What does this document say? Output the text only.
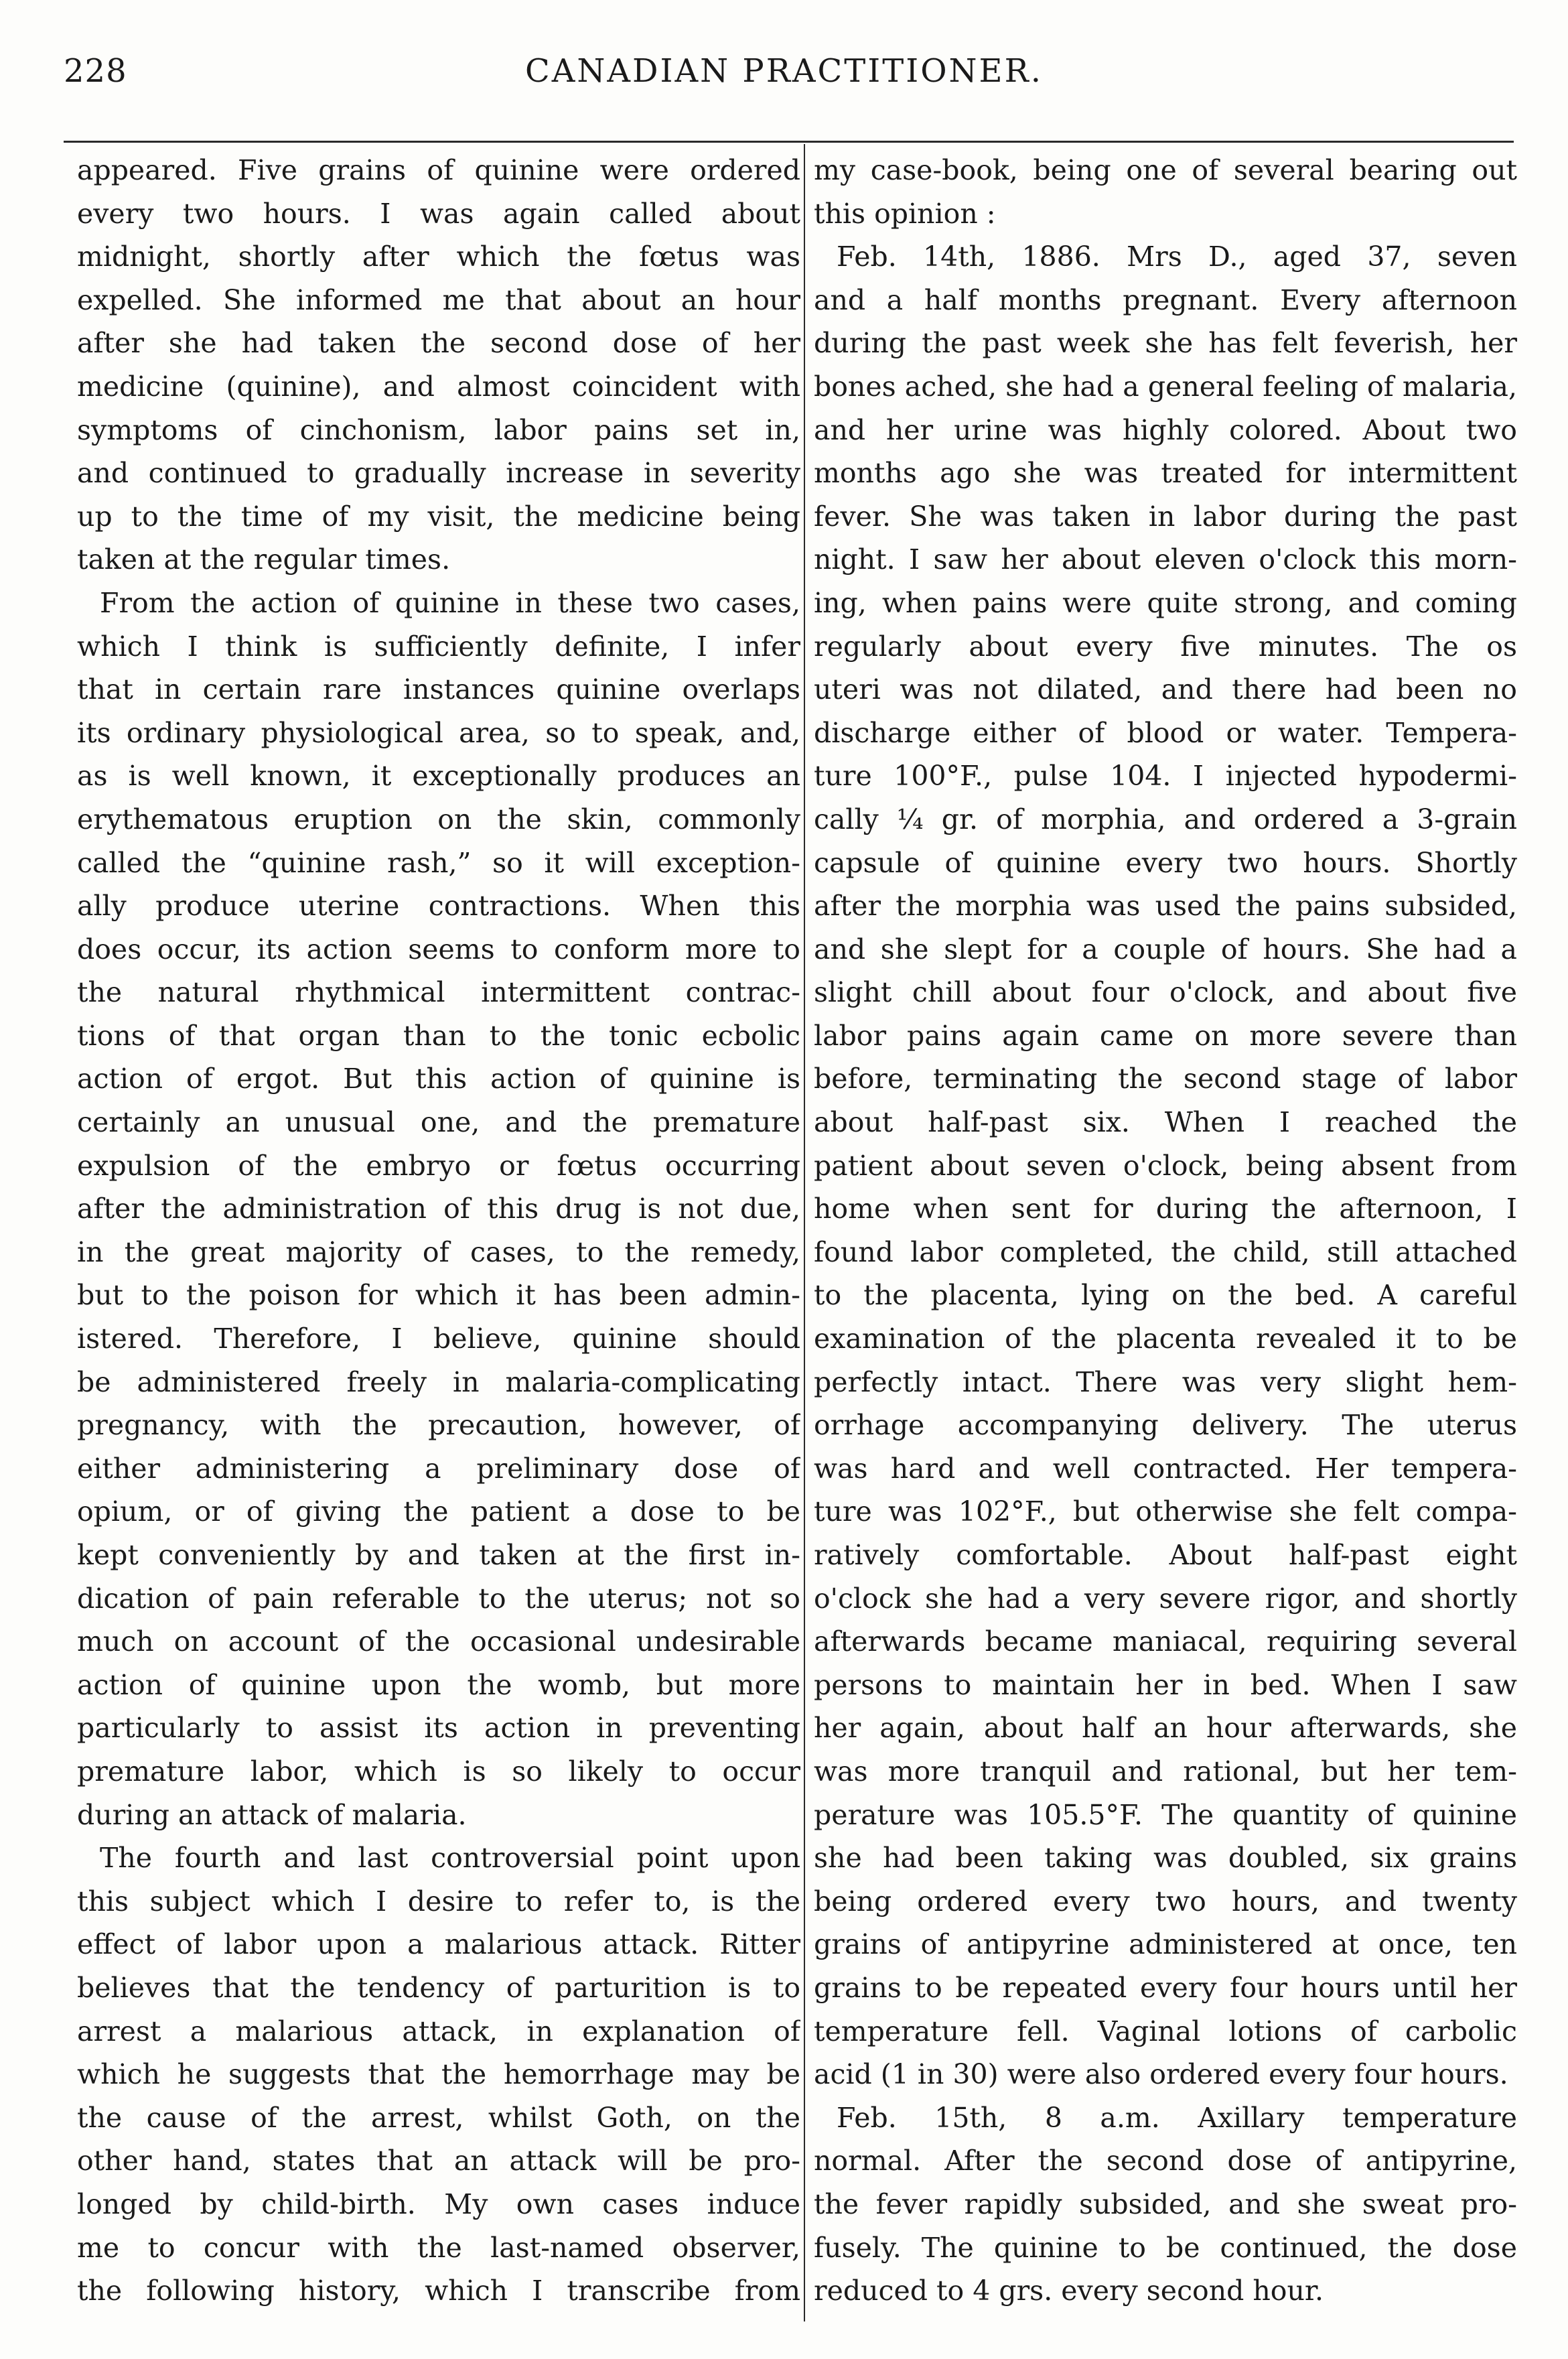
228	CANADIAN PRACTITIONER.
appeared. Five grains of quinine were ordered
every two hours. I was again called about
midnight, shortly after which the fœtus was
expelled. She informed me that about an hour
after she had taken the second dose of her
medicine (quinine), and almost coincident with
symptoms of cinchonism, labor pains set in,
and continued to gradually increase in severity
up to the time of my visit, the medicine being
taken at the regular times.
From the action of quinine in these two cases,
which I think is sufficiently definite, I infer
that in certain rare instances quinine overlaps
its ordinary physiological area, so to speak, and,
as is well known, it exceptionally produces an
erythematous eruption on the skin, commonly
called the “quinine rash,” so it will exception-
ally produce uterine contractions. When this
does occur, its action seems to conform more to
the natural rhythmical intermittent contrac-
tions of that organ than to the tonic ecbolic
action of ergot. But this action of quinine is
certainly an unusual one, and the premature
expulsion of the embryo or fœtus occurring
after the administration of this drug is not due,
in the great majority of cases, to the remedy,
but to the poison for which it has been admin-
istered. Therefore, I believe, quinine should
be administered freely in malaria-complicating
pregnancy, with the precaution, however, of
either administering a preliminary dose of
opium, or of giving the patient a dose to be
kept conveniently by and taken at the first in-
dication of pain referable to the uterus; not so
much on account of the occasional undesirable
action of quinine upon the womb, but more
particularly to assist its action in preventing
premature labor, which is so likely to occur
during an attack of malaria.
The fourth and last controversial point upon
this subject which I desire to refer to, is the
effect of labor upon a malarious attack. Ritter
believes that the tendency of parturition is to
arrest a malarious attack, in explanation of
which he suggests that the hemorrhage may be
the cause of the arrest, whilst Goth, on the
other hand, states that an attack will be pro-
longed by child-birth. My own cases induce
me to concur with the last-named observer,
the following history, which I transcribe from
my case-book, being one of several bearing out
this opinion :
Feb. 14th, 1886. Mrs D., aged 37, seven
and a half months pregnant. Every afternoon
during the past week she has felt feverish, her
bones ached, she had a general feeling of malaria,
and her urine was highly colored. About two
months ago she was treated for intermittent
fever. She was taken in labor during the past
night. I saw her about eleven o'clock this morn-
ing, when pains were quite strong, and coming
regularly about every five minutes. The os
uteri was not dilated, and there had been no
discharge either of blood or water. Tempera-
ture 100°F., pulse 104. I injected hypodermi-
cally ¼ gr. of morphia, and ordered a 3-grain
capsule of quinine every two hours. Shortly
after the morphia was used the pains subsided,
and she slept for a couple of hours. She had a
slight chill about four o'clock, and about five
labor pains again came on more severe than
before, terminating the second stage of labor
about half-past six. When I reached the
patient about seven o'clock, being absent from
home when sent for during the afternoon, I
found labor completed, the child, still attached
to the placenta, lying on the bed. A careful
examination of the placenta revealed it to be
perfectly intact. There was very slight hem-
orrhage accompanying delivery. The uterus
was hard and well contracted. Her tempera-
ture was 102°F., but otherwise she felt compa-
ratively comfortable. About half-past eight
o'clock she had a very severe rigor, and shortly
afterwards became maniacal, requiring several
persons to maintain her in bed. When I saw
her again, about half an hour afterwards, she
was more tranquil and rational, but her tem-
perature was 105.5°F. The quantity of quinine
she had been taking was doubled, six grains
being ordered every two hours, and twenty
grains of antipyrine administered at once, ten
grains to be repeated every four hours until her
temperature fell. Vaginal lotions of carbolic
acid (1 in 30) were also ordered every four hours.
Feb. 15th, 8 a.m. Axillary temperature
normal. After the second dose of antipyrine,
the fever rapidly subsided, and she sweat pro-
fusely. The quinine to be continued, the dose
reduced to 4 grs. every second hour.
